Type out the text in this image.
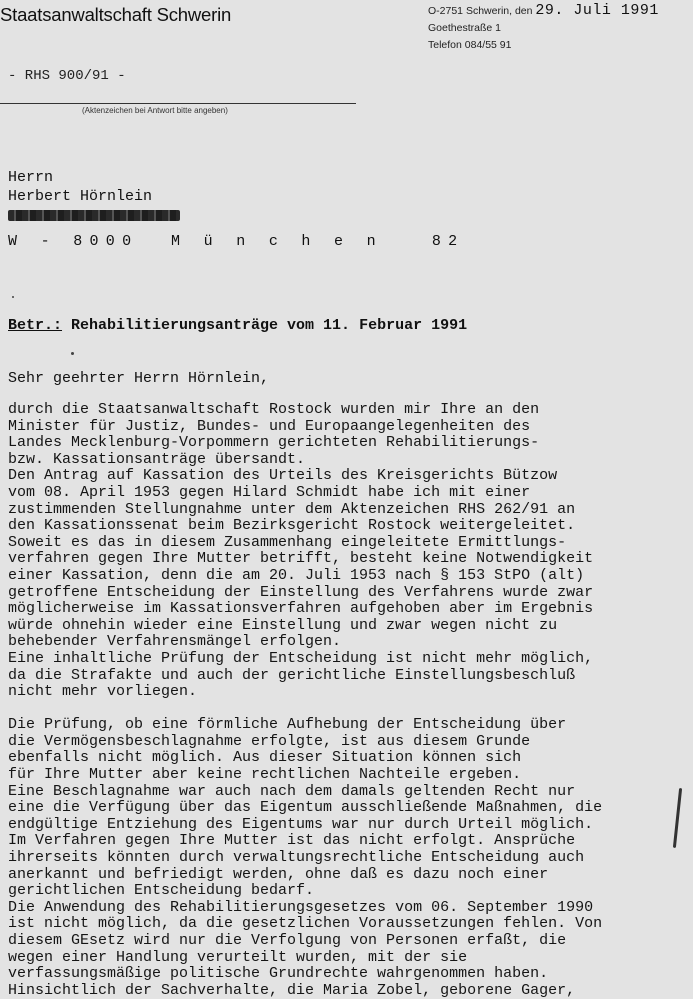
Staatsanwaltschaft Schwerin	O-2751 Schwerin, den 29. Juli 1991
Goethestraße 1
Telefon 084/55 91
- RHS 900/91 -
(Aktenzeichen bei Antwort bitte angeben)
Herrn
Herbert Hörnlein
W - 8000  M ü n c h e n   82
Betr.: Rehabilitierungsanträge vom 11. Februar 1991
Sehr geehrter Herrn Hörnlein,
durch die Staatsanwaltschaft Rostock wurden mir Ihre an den
Minister für Justiz, Bundes- und Europaangelegenheiten des
Landes Mecklenburg-Vorpommern gerichteten Rehabilitierungs-
bzw. Kassationsanträge übersandt.
Den Antrag auf Kassation des Urteils des Kreisgerichts Bützow
vom 08. April 1953 gegen Hilard Schmidt habe ich mit einer
zustimmenden Stellungnahme unter dem Aktenzeichen RHS 262/91 an
den Kassationssenat beim Bezirksgericht Rostock weitergeleitet.
Soweit es das in diesem Zusammenhang eingeleitete Ermittlungs-
verfahren gegen Ihre Mutter betrifft, besteht keine Notwendigkeit
einer Kassation, denn die am 20. Juli 1953 nach § 153 StPO (alt)
getroffene Entscheidung der Einstellung des Verfahrens wurde zwar
möglicherweise im Kassationsverfahren aufgehoben aber im Ergebnis
würde ohnehin wieder eine Einstellung und zwar wegen nicht zu
behebender Verfahrensmängel erfolgen.
Eine inhaltliche Prüfung der Entscheidung ist nicht mehr möglich,
da die Strafakte und auch der gerichtliche Einstellungsbeschluß
nicht mehr vorliegen.
Die Prüfung, ob eine förmliche Aufhebung der Entscheidung über
die Vermögensbeschlagnahme erfolgte, ist aus diesem Grunde
ebenfalls nicht möglich. Aus dieser Situation können sich
für Ihre Mutter aber keine rechtlichen Nachteile ergeben.
Eine Beschlagnahme war auch nach dem damals geltenden Recht nur
eine die Verfügung über das Eigentum ausschließende Maßnahmen, die
endgültige Entziehung des Eigentums war nur durch Urteil möglich.
Im Verfahren gegen Ihre Mutter ist das nicht erfolgt. Ansprüche
ihrerseits könnten durch verwaltungsrechtliche Entscheidung auch
anerkannt und befriedigt werden, ohne daß es dazu noch einer
gerichtlichen Entscheidung bedarf.
Die Anwendung des Rehabilitierungsgesetzes vom 06. September 1990
ist nicht möglich, da die gesetzlichen Voraussetzungen fehlen. Von
diesem GEsetz wird nur die Verfolgung von Personen erfaßt, die
wegen einer Handlung verurteilt wurden, mit der sie
verfassungsmäßige politische Grundrechte wahrgenommen haben.
Hinsichtlich der Sachverhalte, die Maria Zobel, geborene Gager,
